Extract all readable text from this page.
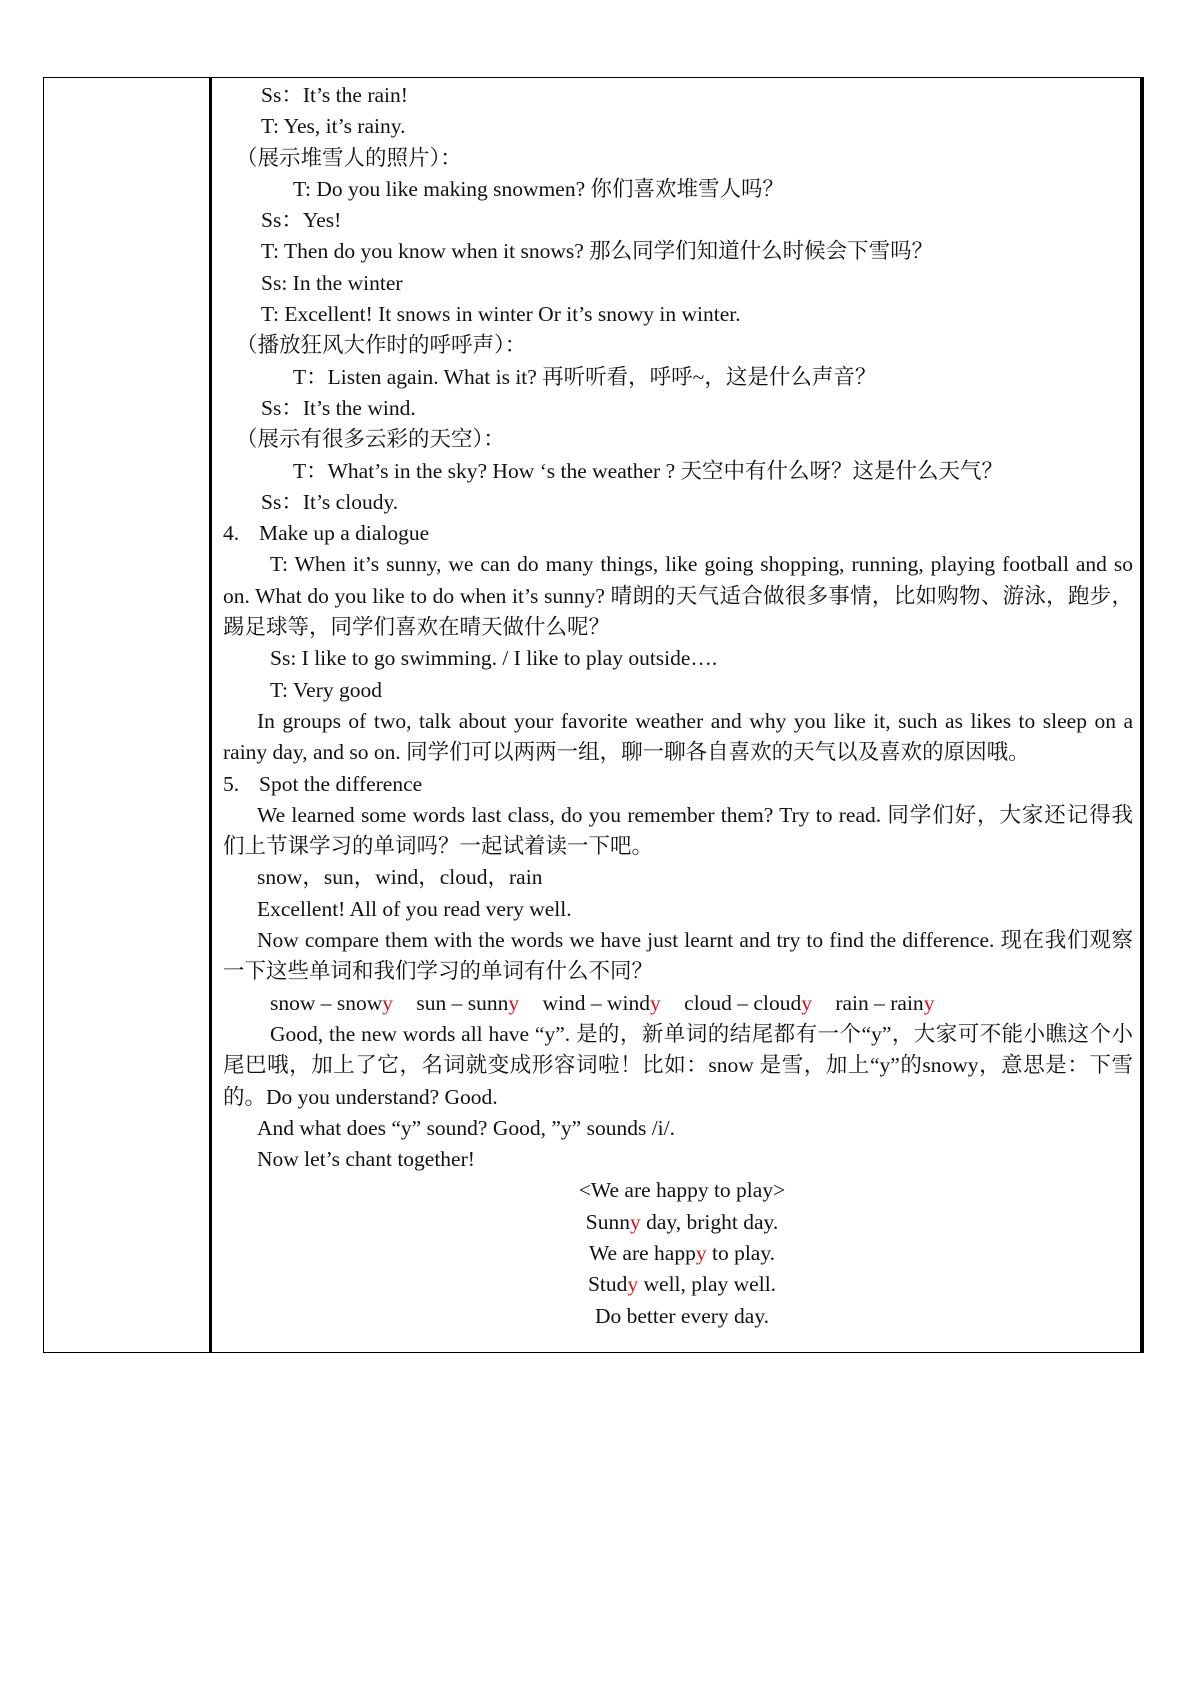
Ss：It’s the rain!
T: Yes, it’s rainy.
（展示堆雪人的照片）：
T: Do you like making snowmen? 你们喜欢堆雪人吗？
Ss：Yes!
T: Then do you know when it snows? 那么同学们知道什么时候会下雪吗？
Ss: In the winter
T: Excellent! It snows in winter Or it’s snowy in winter.
（播放狂风大作时的呼呼声）：
T：Listen again. What is it? 再听听看，呼呼~，这是什么声音？
Ss：It’s the wind.
（展示有很多云彩的天空）：
T：What’s in the sky? How ‘s the weather ? 天空中有什么呀？这是什么天气？
Ss：It’s cloudy.
4. Make up a dialogue
T: When it’s sunny, we can do many things, like going shopping, running, playing football and so on. What do you like to do when it’s sunny? 晴朗的天气适合做很多事情，比如购物、游泳，跑步，踢足球等，同学们喜欢在晴天做什么呢？
Ss: I like to go swimming. / I like to play outside….
T: Very good
In groups of two, talk about your favorite weather and why you like it, such as likes to sleep on a rainy day, and so on. 同学们可以两两一组，聊一聊各自喜欢的天气以及喜欢的原因哦。
5. Spot the difference
We learned some words last class, do you remember them? Try to read. 同学们好，大家还记得我们上节课学习的单词吗？一起试着读一下吧。
snow，sun，wind，cloud，rain
Excellent! All of you read very well.
Now compare them with the words we have just learnt and try to find the difference. 现在我们观察一下这些单词和我们学习的单词有什么不同？
snow – snowy sun – sunny wind – windy cloud – cloudy rain – rainy
Good, the new words all have “y”. 是的，新单词的结尾都有一个“y”，大家可不能小瞧这个小尾巴哦，加上了它，名词就变成形容词啦！比如：snow 是雪，加上“y”的snowy，意思是：下雪的。Do you understand? Good.
And what does “y” sound? Good, ”y” sounds /i/.
Now let’s chant together!
<We are happy to play>
Sunny day, bright day.
We are happy to play.
Study well, play well.
Do better every day.
